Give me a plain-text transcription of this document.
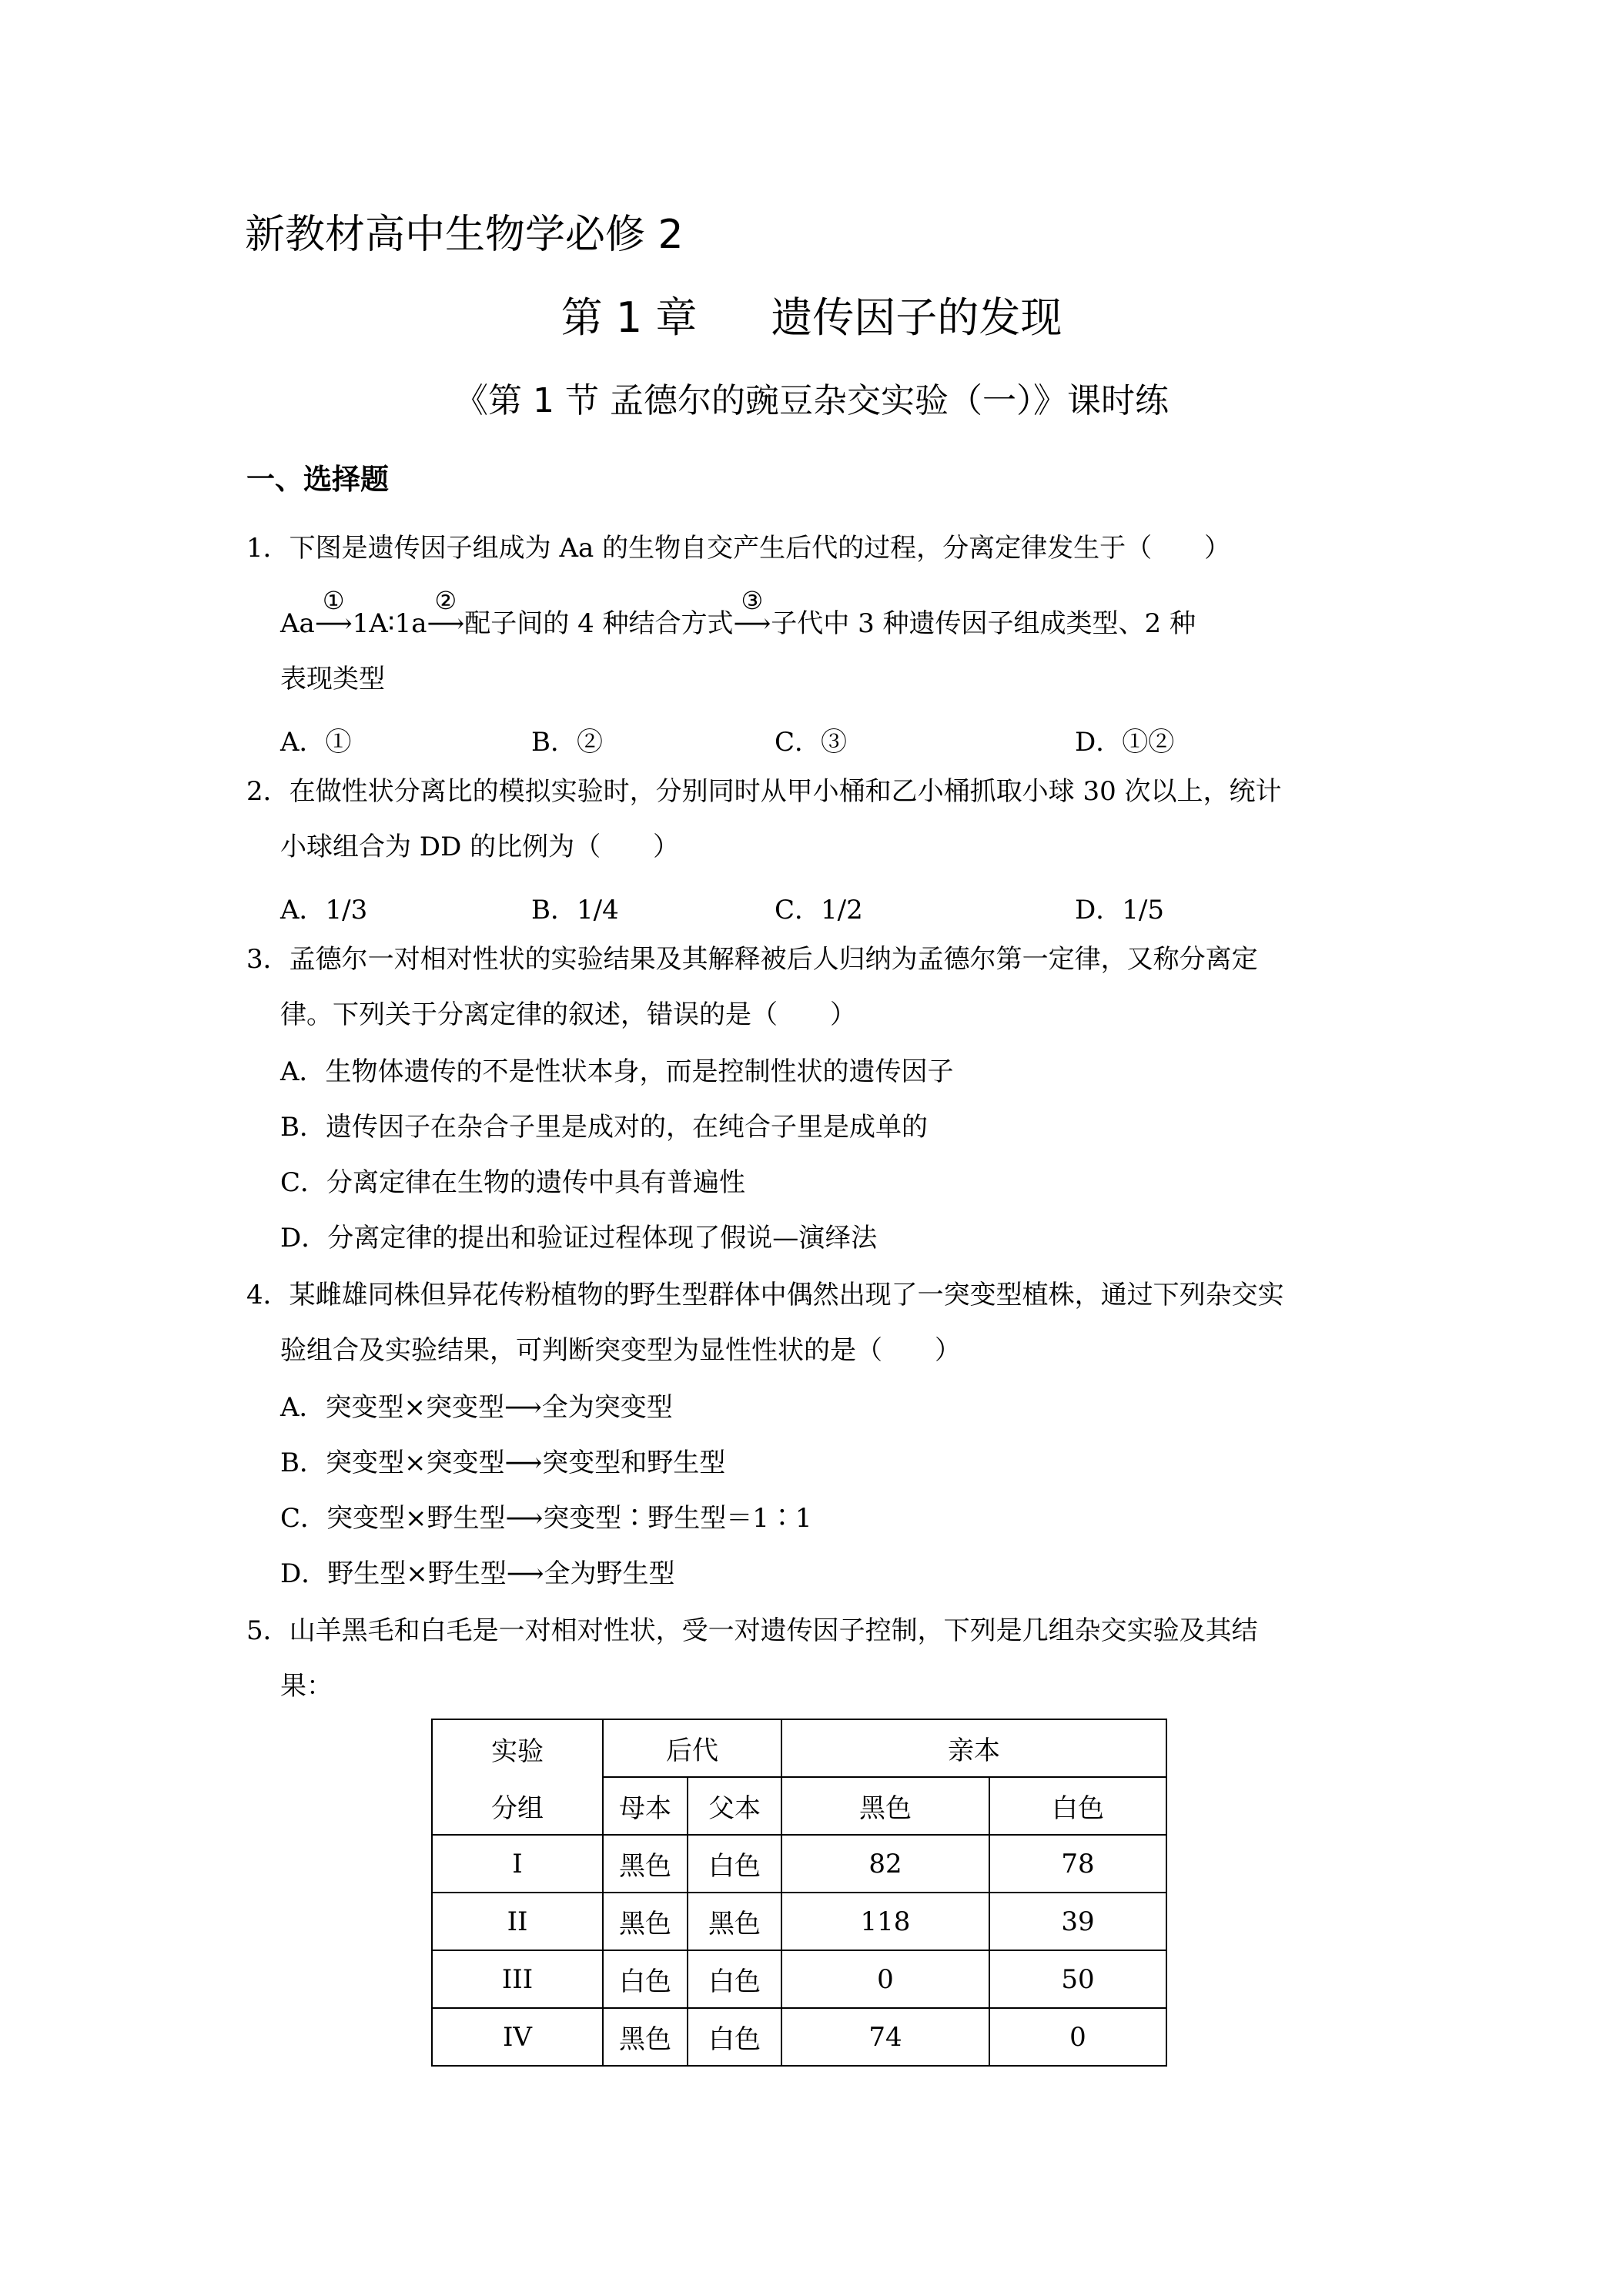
新教材高中生物学必修 2
第 1 章 遗传因子的发现
《第 1 节 孟德尔的豌豆杂交实验（一）》课时练
一、选择题
1．下图是遗传因子组成为 Aa 的生物自交产生后代的过程，分离定律发生于（　　）
Aa
①
⟶1A∶1a
②
⟶配子间的 4 种结合方式
③
⟶子代中 3 种遗传因子组成类型、2 种
表现类型
A．①	B．②	C．③	D．①②
2．在做性状分离比的模拟实验时，分别同时从甲小桶和乙小桶抓取小球 30 次以上，统计
小球组合为 DD 的比例为（　　）
A．1/3	B．1/4	C．1/2	D．1/5
3．孟德尔一对相对性状的实验结果及其解释被后人归纳为孟德尔第一定律，又称分离定
律。下列关于分离定律的叙述，错误的是（　　）
A．生物体遗传的不是性状本身，而是控制性状的遗传因子
B．遗传因子在杂合子里是成对的，在纯合子里是成单的
C．分离定律在生物的遗传中具有普遍性
D．分离定律的提出和验证过程体现了假说—演绎法
4．某雌雄同株但异花传粉植物的野生型群体中偶然出现了一突变型植株，通过下列杂交实
验组合及实验结果，可判断突变型为显性性状的是（　　）
A．突变型×突变型⟶全为突变型
B．突变型×突变型⟶突变型和野生型
C．突变型×野生型⟶突变型∶野生型＝1∶1
D．野生型×野生型⟶全为野生型
5．山羊黑毛和白毛是一对相对性状，受一对遗传因子控制，下列是几组杂交实验及其结
果：
实验	后代		亲本	
分组	母本	父本	黑色	白色
I	黑色	白色	82	78
II	黑色	黑色	118	39
III	白色	白色	0	50
IV	黑色	白色	74	0
